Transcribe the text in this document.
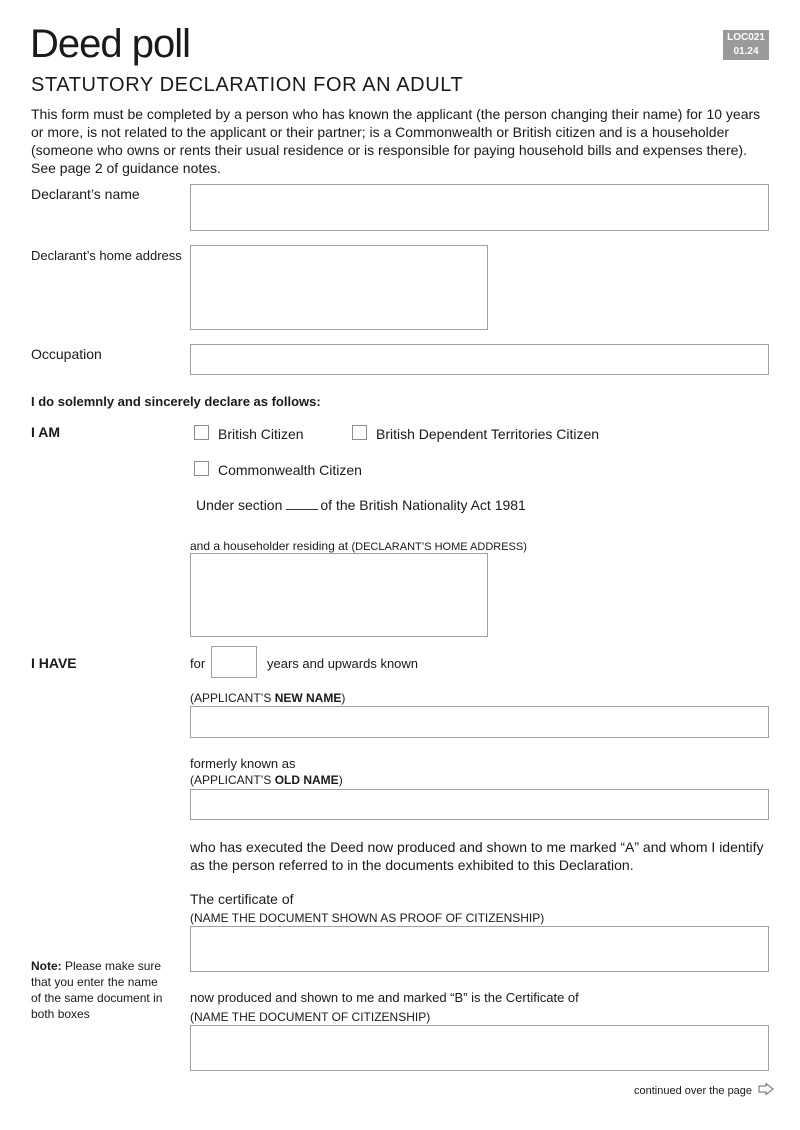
Deed poll
STATUTORY DECLARATION FOR AN ADULT
LOC021
01.24
This form must be completed by a person who has known the applicant (the person changing their name) for 10 years or more, is not related to the applicant or their partner; is a Commonwealth or British citizen and is a householder (someone who owns or rents their usual residence or is responsible for paying household bills and expenses there). See page 2 of guidance notes.
Declarant’s name
Declarant’s home address
Occupation
I do solemnly and sincerely declare as follows:
I AM	British Citizen	British Dependent Territories Citizen
Commonwealth Citizen
Under section	of the British Nationality Act 1981
and a householder residing at (DECLARANT’S HOME ADDRESS)
I HAVE	for	years and upwards known
(APPLICANT’S NEW NAME)
formerly known as
(APPLICANT’S OLD NAME)
who has executed the Deed now produced and shown to me marked “A” and whom I identify as the person referred to in the documents exhibited to this Declaration.
The certificate of
(NAME THE DOCUMENT SHOWN AS PROOF OF CITIZENSHIP)
Note: Please make sure that you enter the name of the same document in both boxes
now produced and shown to me and marked “B” is the Certificate of
(NAME THE DOCUMENT OF CITIZENSHIP)
continued over the page
